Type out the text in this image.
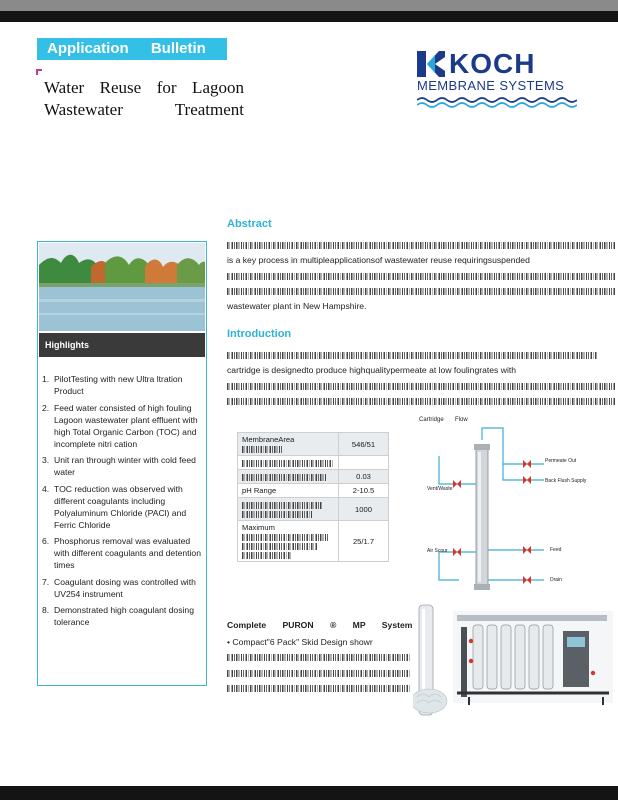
Application Bulletin
Water Reuse for Lagoon Wastewater Treatment
KOCH
MEMBRANE SYSTEMS
Highlights
1. PilotTesting with new Ultra ltration Product
2. Feed water consisted of high fouling Lagoon wastewater plant effluent with high Total Organic Carbon (TOC) and incomplete nitri cation
3. Unit ran through winter with cold feed water
4. TOC reduction was observed with different coagulants including Polyaluminum Chloride (PACl) and Ferric Chloride
6. Phosphorus removal was evaluated with different coagulants and detention times
7. Coagulant dosing was controlled with UV254 instrument
8. Demonstrated high coagulant dosing tolerance
Abstract
is a key process in multipleapplicationsof wastewater reuse requiringsuspended
wastewater plant in New Hampshire.
Introduction
cartridge is designedto produce highqualitypermeate at low foulingrates with
MembraneArea	546/51

	0.03
pH Range	2-10.5

	1000
Maximum	25/1.7
Cartridge Flow
Permeate Out
Back Flush Supply
Vent/Waste
Air Scour	Feed
Drain
Complete PURON ® MP System
• Compact"6 Pack" Skid Design showr
